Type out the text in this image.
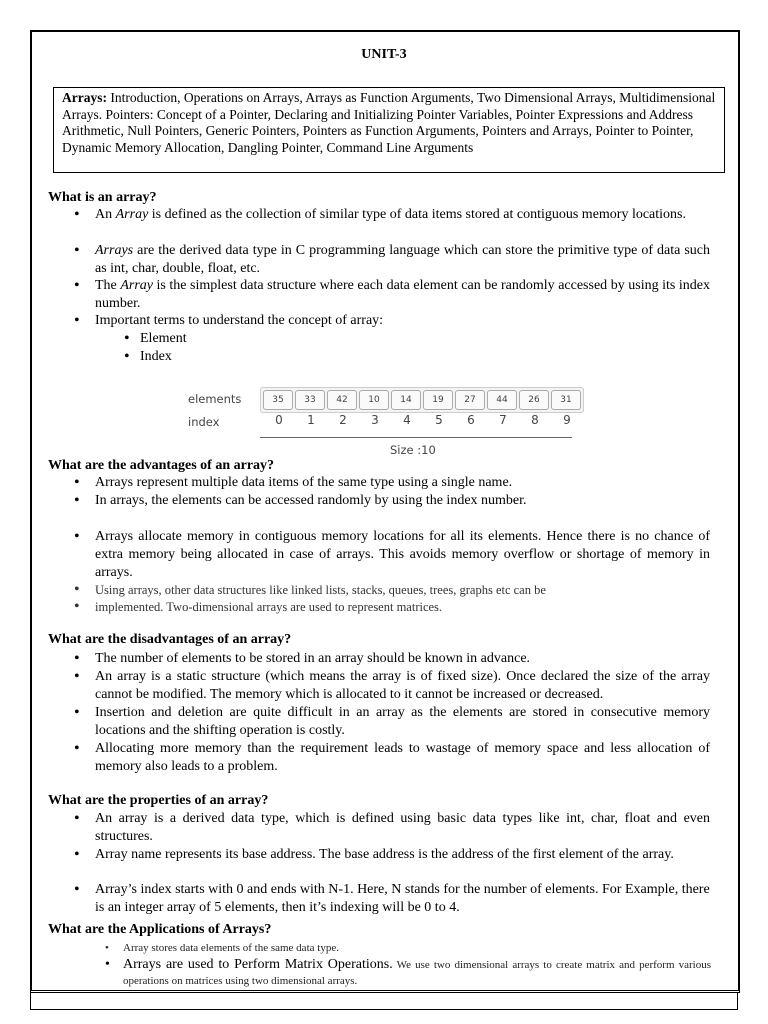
UNIT-3
Arrays: Introduction, Operations on Arrays, Arrays as Function Arguments, Two Dimensional Arrays, Multidimensional Arrays. Pointers: Concept of a Pointer, Declaring and Initializing Pointer Variables, Pointer Expressions and Address Arithmetic, Null Pointers, Generic Pointers, Pointers as Function Arguments, Pointers and Arrays, Pointer to Pointer, Dynamic Memory Allocation, Dangling Pointer, Command Line Arguments
What is an array?
• An Array is defined as the collection of similar type of data items stored at contiguous memory locations.
• Arrays are the derived data type in C programming language which can store the primitive type of data such as int, char, double, float, etc.
• The Array is the simplest data structure where each data element can be randomly accessed by using its index number.
• Important terms to understand the concept of array:
• Element
• Index
elements
index
35	33	42	10	14	19	27	44	26	31
0	1	2	3	4	5	6	7	8	9
Size :10
What are the advantages of an array?
• Arrays represent multiple data items of the same type using a single name.
• In arrays, the elements can be accessed randomly by using the index number.
• Arrays allocate memory in contiguous memory locations for all its elements. Hence there is no chance of extra memory being allocated in case of arrays. This avoids memory overflow or shortage of memory in arrays.
• Using arrays, other data structures like linked lists, stacks, queues, trees, graphs etc can be
• implemented. Two-dimensional arrays are used to represent matrices.
What are the disadvantages of an array?
• The number of elements to be stored in an array should be known in advance.
• An array is a static structure (which means the array is of fixed size). Once declared the size of the array cannot be modified. The memory which is allocated to it cannot be increased or decreased.
• Insertion and deletion are quite difficult in an array as the elements are stored in consecutive memory locations and the shifting operation is costly.
• Allocating more memory than the requirement leads to wastage of memory space and less allocation of memory also leads to a problem.
What are the properties of an array?
• An array is a derived data type, which is defined using basic data types like int, char, float and even structures.
• Array name represents its base address. The base address is the address of the first element of the array.
• Array’s index starts with 0 and ends with N-1. Here, N stands for the number of elements. For Example, there is an integer array of 5 elements, then it’s indexing will be 0 to 4.
What are the Applications of Arrays?
• Array stores data elements of the same data type.
• Arrays are used to Perform Matrix Operations. We use two dimensional arrays to create matrix and perform various operations on matrices using two dimensional arrays.
